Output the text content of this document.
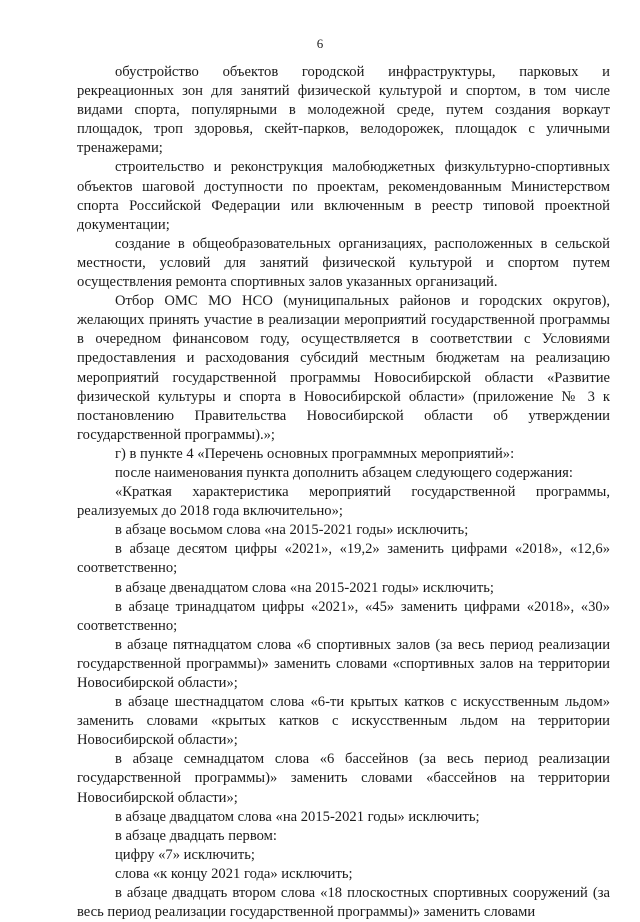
6

обустройство объектов городской инфраструктуры, парковых и рекреационных зон для занятий физической культурой и спортом, в том числе видами спорта, популярными в молодежной среде, путем создания воркаут площадок, троп здоровья, скейт-парков, велодорожек, площадок с уличными тренажерами;

строительство и реконструкция малобюджетных физкультурно-спортивных объектов шаговой доступности по проектам, рекомендованным Министерством спорта Российской Федерации или включенным в реестр типовой проектной документации;

создание в общеобразовательных организациях, расположенных в сельской местности, условий для занятий физической культурой и спортом путем осуществления ремонта спортивных залов указанных организаций.

Отбор ОМС МО НСО (муниципальных районов и городских округов), желающих принять участие в реализации мероприятий государственной программы в очередном финансовом году, осуществляется в соответствии с Условиями предоставления и расходования субсидий местным бюджетам на реализацию мероприятий государственной программы Новосибирской области «Развитие физической культуры и спорта в Новосибирской области» (приложение № 3 к постановлению Правительства Новосибирской области об утверждении государственной программы).»;

г) в пункте 4 «Перечень основных программных мероприятий»:

после наименования пункта дополнить абзацем следующего содержания:

«Краткая характеристика мероприятий государственной программы, реализуемых до 2018 года включительно»;

в абзаце восьмом слова «на 2015-2021 годы» исключить;

в абзаце десятом цифры «2021», «19,2» заменить цифрами «2018», «12,6» соответственно;

в абзаце двенадцатом слова «на 2015-2021 годы» исключить;

в абзаце тринадцатом цифры «2021», «45» заменить цифрами «2018», «30» соответственно;

в абзаце пятнадцатом слова «6 спортивных залов (за весь период реализации государственной программы)» заменить словами «спортивных залов на территории Новосибирской области»;

в абзаце шестнадцатом слова «6-ти крытых катков с искусственным льдом» заменить словами «крытых катков с искусственным льдом на территории Новосибирской области»;

в абзаце семнадцатом слова «6 бассейнов (за весь период реализации государственной программы)» заменить словами «бассейнов на территории Новосибирской области»;

в абзаце двадцатом слова «на 2015-2021 годы» исключить;

в абзаце двадцать первом:

цифру «7» исключить;

слова «к концу 2021 года» исключить;

в абзаце двадцать втором слова «18 плоскостных спортивных сооружений (за весь период реализации государственной программы)» заменить словами
